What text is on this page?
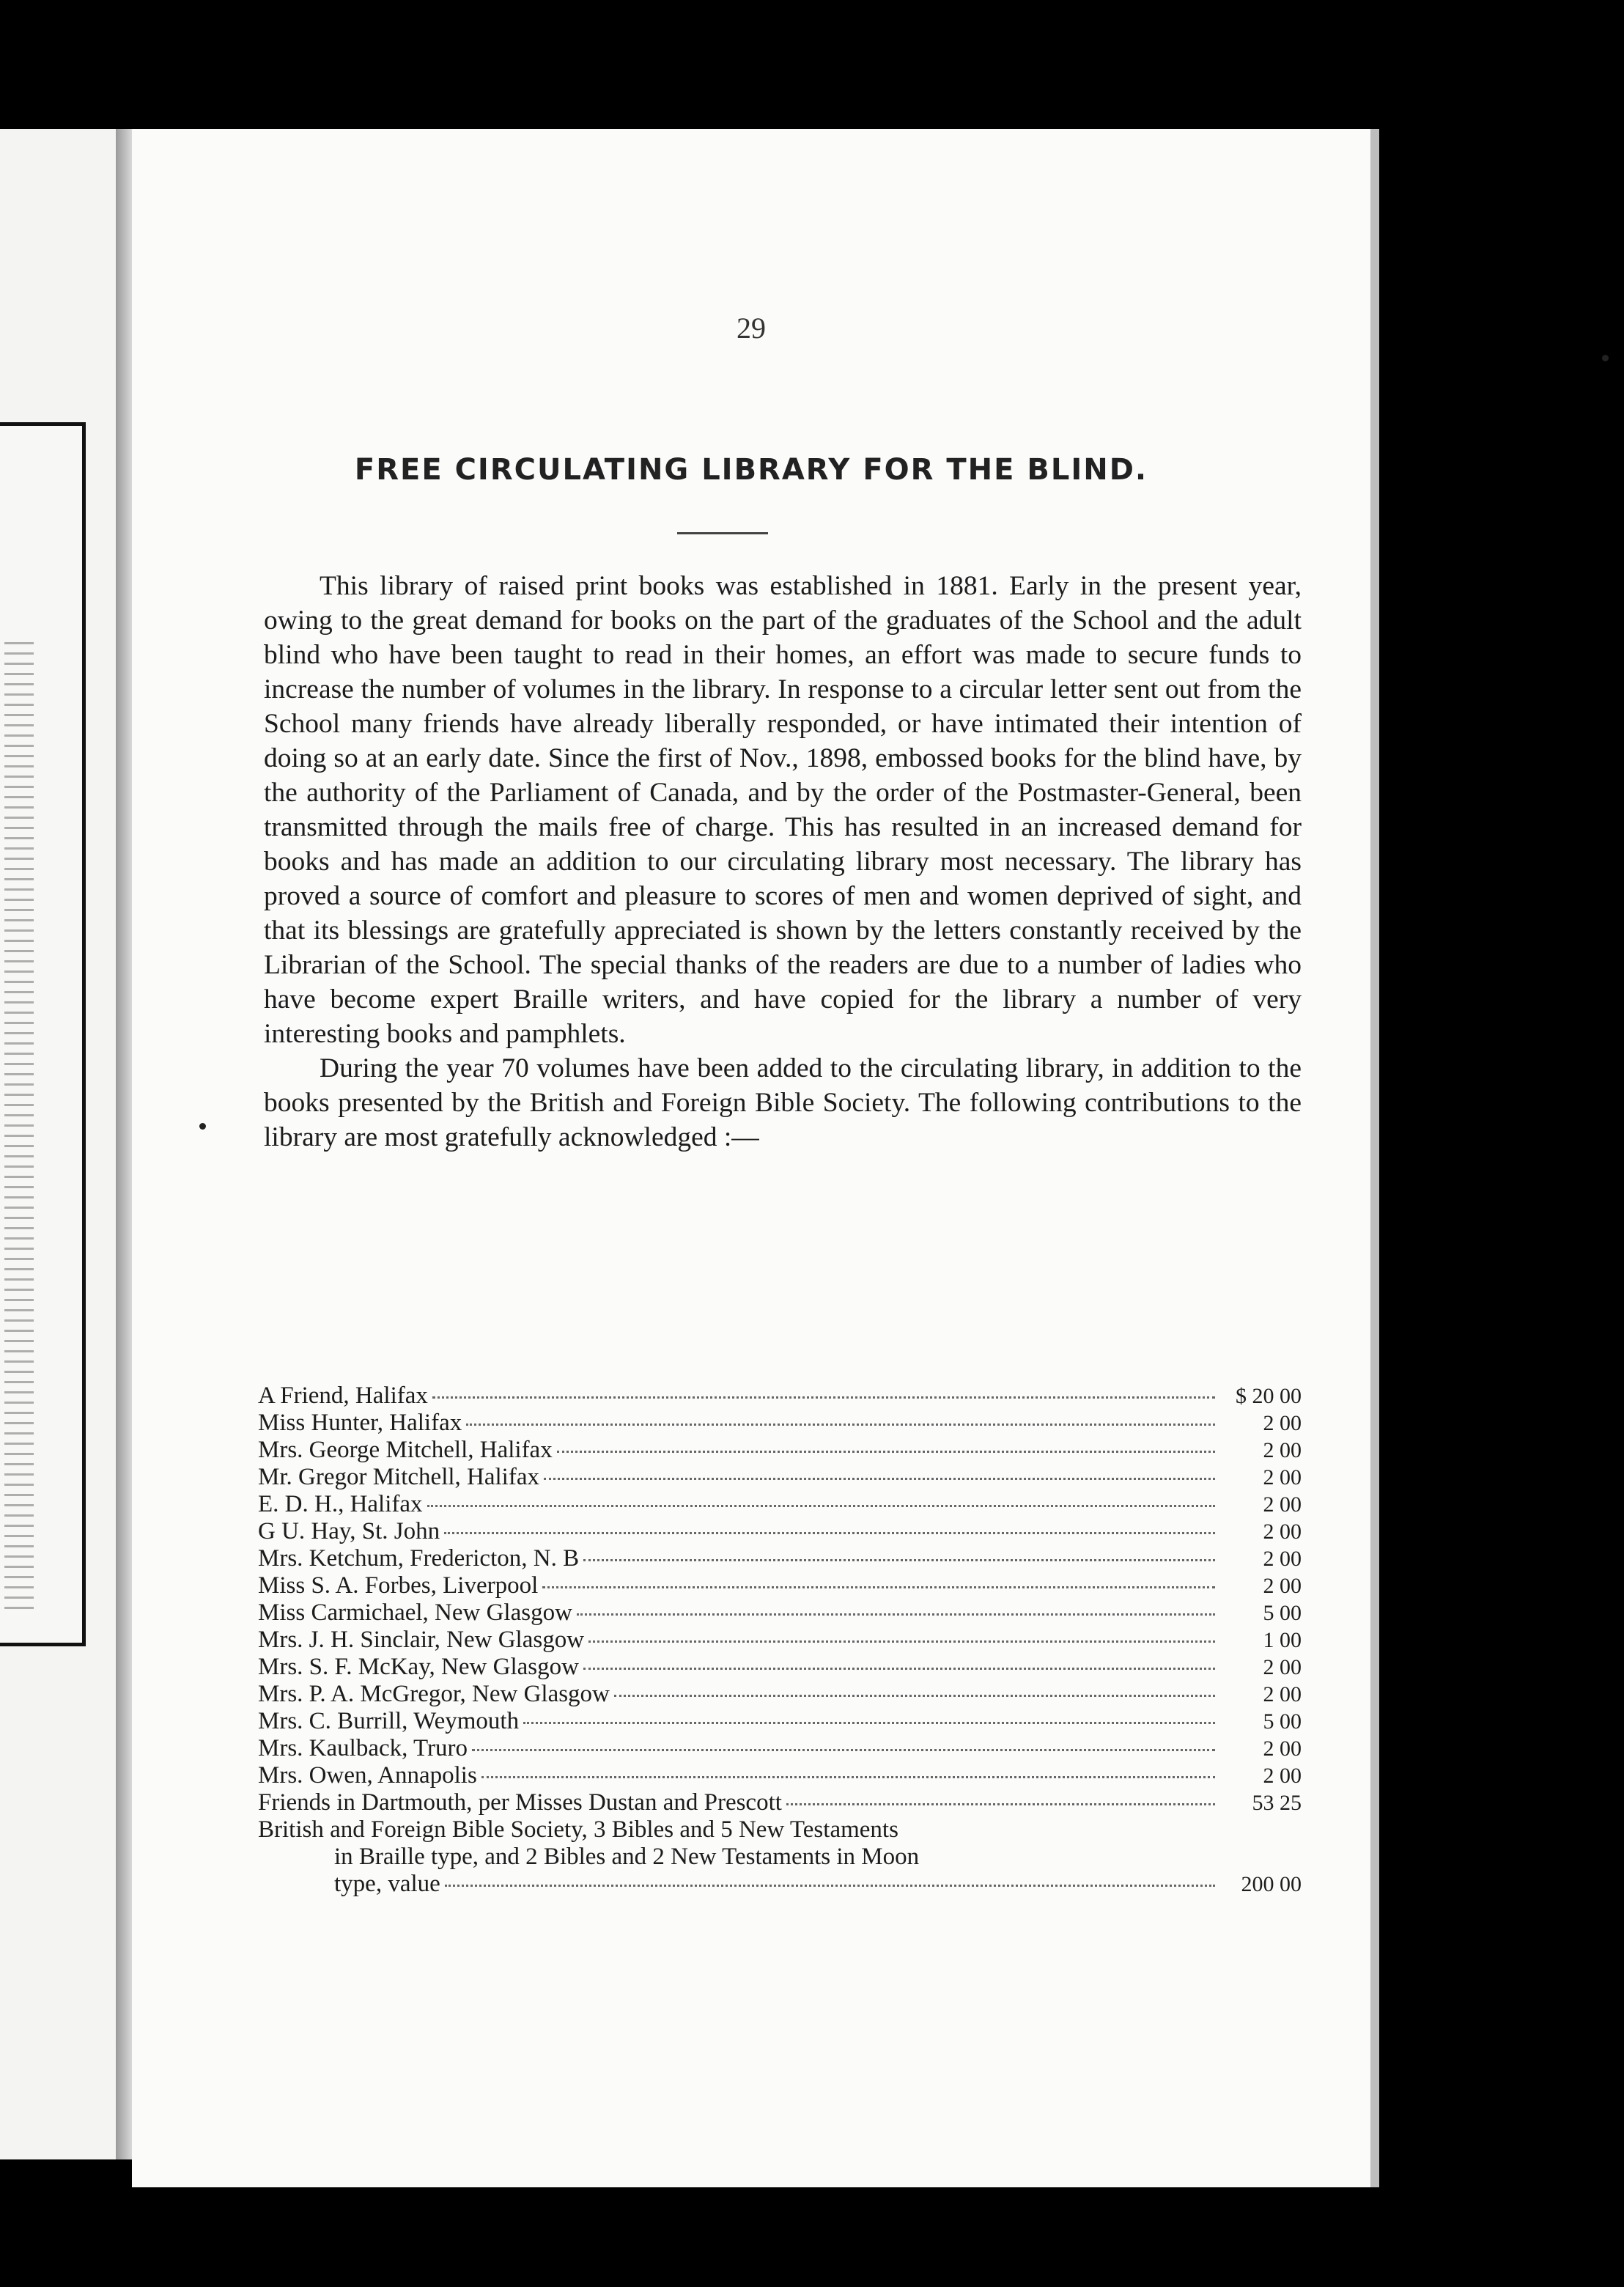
29
FREE CIRCULATING LIBRARY FOR THE BLIND.

This library of raised print books was established in 1881. Early in the present year, owing to the great demand for books on the part of the graduates of the School and the adult blind who have been taught to read in their homes, an effort was made to secure funds to increase the number of volumes in the library. In response to a circular letter sent out from the School many friends have already liberally responded, or have intimated their intention of doing so at an early date. Since the first of Nov., 1898, embossed books for the blind have, by the authority of the Parliament of Canada, and by the order of the Postmaster-General, been transmitted through the mails free of charge. This has resulted in an increased demand for books and has made an addition to our circulating library most necessary. The library has proved a source of comfort and pleasure to scores of men and women deprived of sight, and that its blessings are gratefully appreciated is shown by the letters constantly received by the Librarian of the School. The special thanks of the readers are due to a number of ladies who have become expert Braille writers, and have copied for the library a number of very interesting books and pamphlets.

During the year 70 volumes have been added to the circulating library, in addition to the books presented by the British and Foreign Bible Society. The following contributions to the library are most gratefully acknowledged :—

A Friend, Halifax	$ 20 00
Miss Hunter, Halifax	2 00
Mrs. George Mitchell, Halifax	2 00
Mr. Gregor Mitchell, Halifax	2 00
E. D. H., Halifax	2 00
G U. Hay, St. John	2 00
Mrs. Ketchum, Fredericton, N. B	2 00
Miss S. A. Forbes, Liverpool	2 00
Miss Carmichael, New Glasgow	5 00
Mrs. J. H. Sinclair, New Glasgow	1 00
Mrs. S. F. McKay, New Glasgow	2 00
Mrs. P. A. McGregor, New Glasgow	2 00
Mrs. C. Burrill, Weymouth	5 00
Mrs. Kaulback, Truro	2 00
Mrs. Owen, Annapolis	2 00
Friends in Dartmouth, per Misses Dustan and Prescott	53 25
British and Foreign Bible Society, 3 Bibles and 5 New Testaments
in Braille type, and 2 Bibles and 2 New Testaments in Moon
type, value	200 00
